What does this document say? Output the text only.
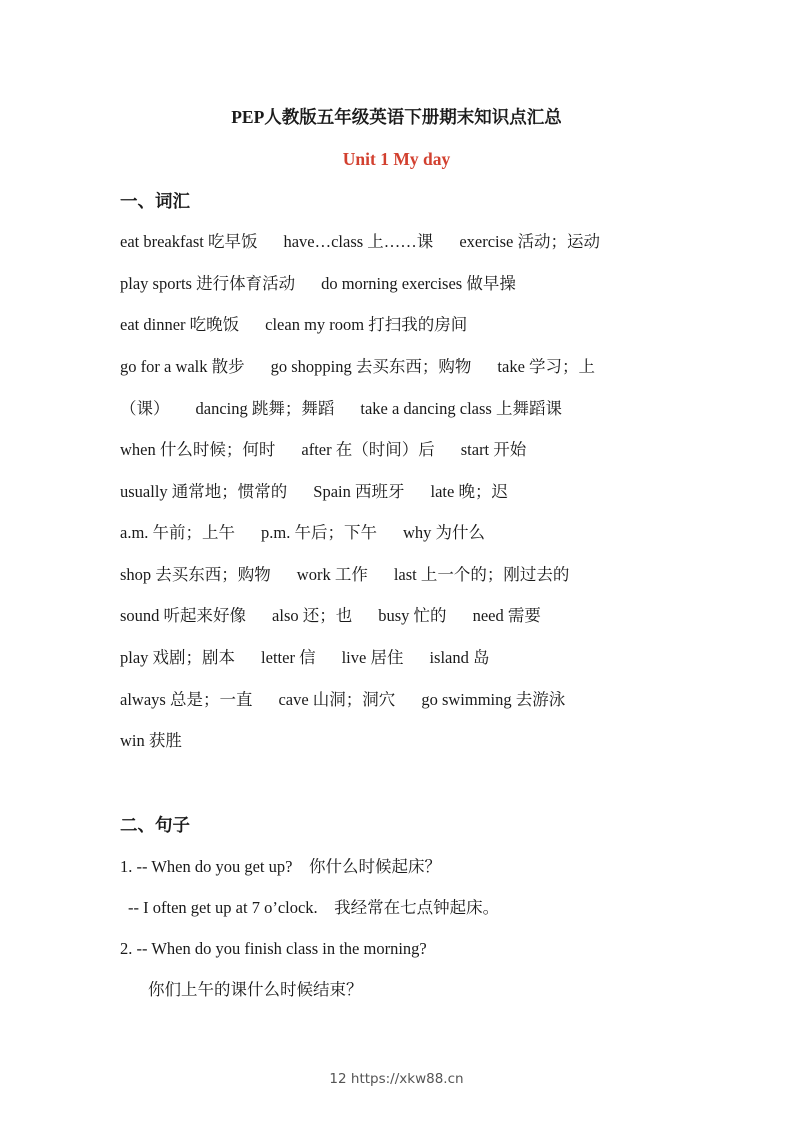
PEP人教版五年级英语下册期末知识点汇总
Unit 1 My day
一、词汇
eat breakfast 吃早饭 have…class 上……课 exercise 活动；运动
play sports 进行体育活动 do morning exercises 做早操
eat dinner 吃晚饭 clean my room 打扫我的房间
go for a walk 散步 go shopping 去买东西；购物 take 学习；上
（课） dancing 跳舞；舞蹈 take a dancing class 上舞蹈课
when 什么时候；何时 after 在（时间）后 start 开始
usually 通常地；惯常的 Spain 西班牙 late 晚；迟
a.m. 午前；上午 p.m. 午后；下午 why 为什么
shop 去买东西；购物 work 工作 last 上一个的；刚过去的
sound 听起来好像 also 还；也 busy 忙的 need 需要
play 戏剧；剧本 letter 信 live 居住 island 岛
always 总是；一直 cave 山洞；洞穴 go swimming 去游泳
win 获胜
二、句子
1. -- When do you get up?　你什么时候起床？
-- I often get up at 7 o’clock.　我经常在七点钟起床。
2. -- When do you finish class in the morning?
你们上午的课什么时候结束？
12 https://xkw88.cn
